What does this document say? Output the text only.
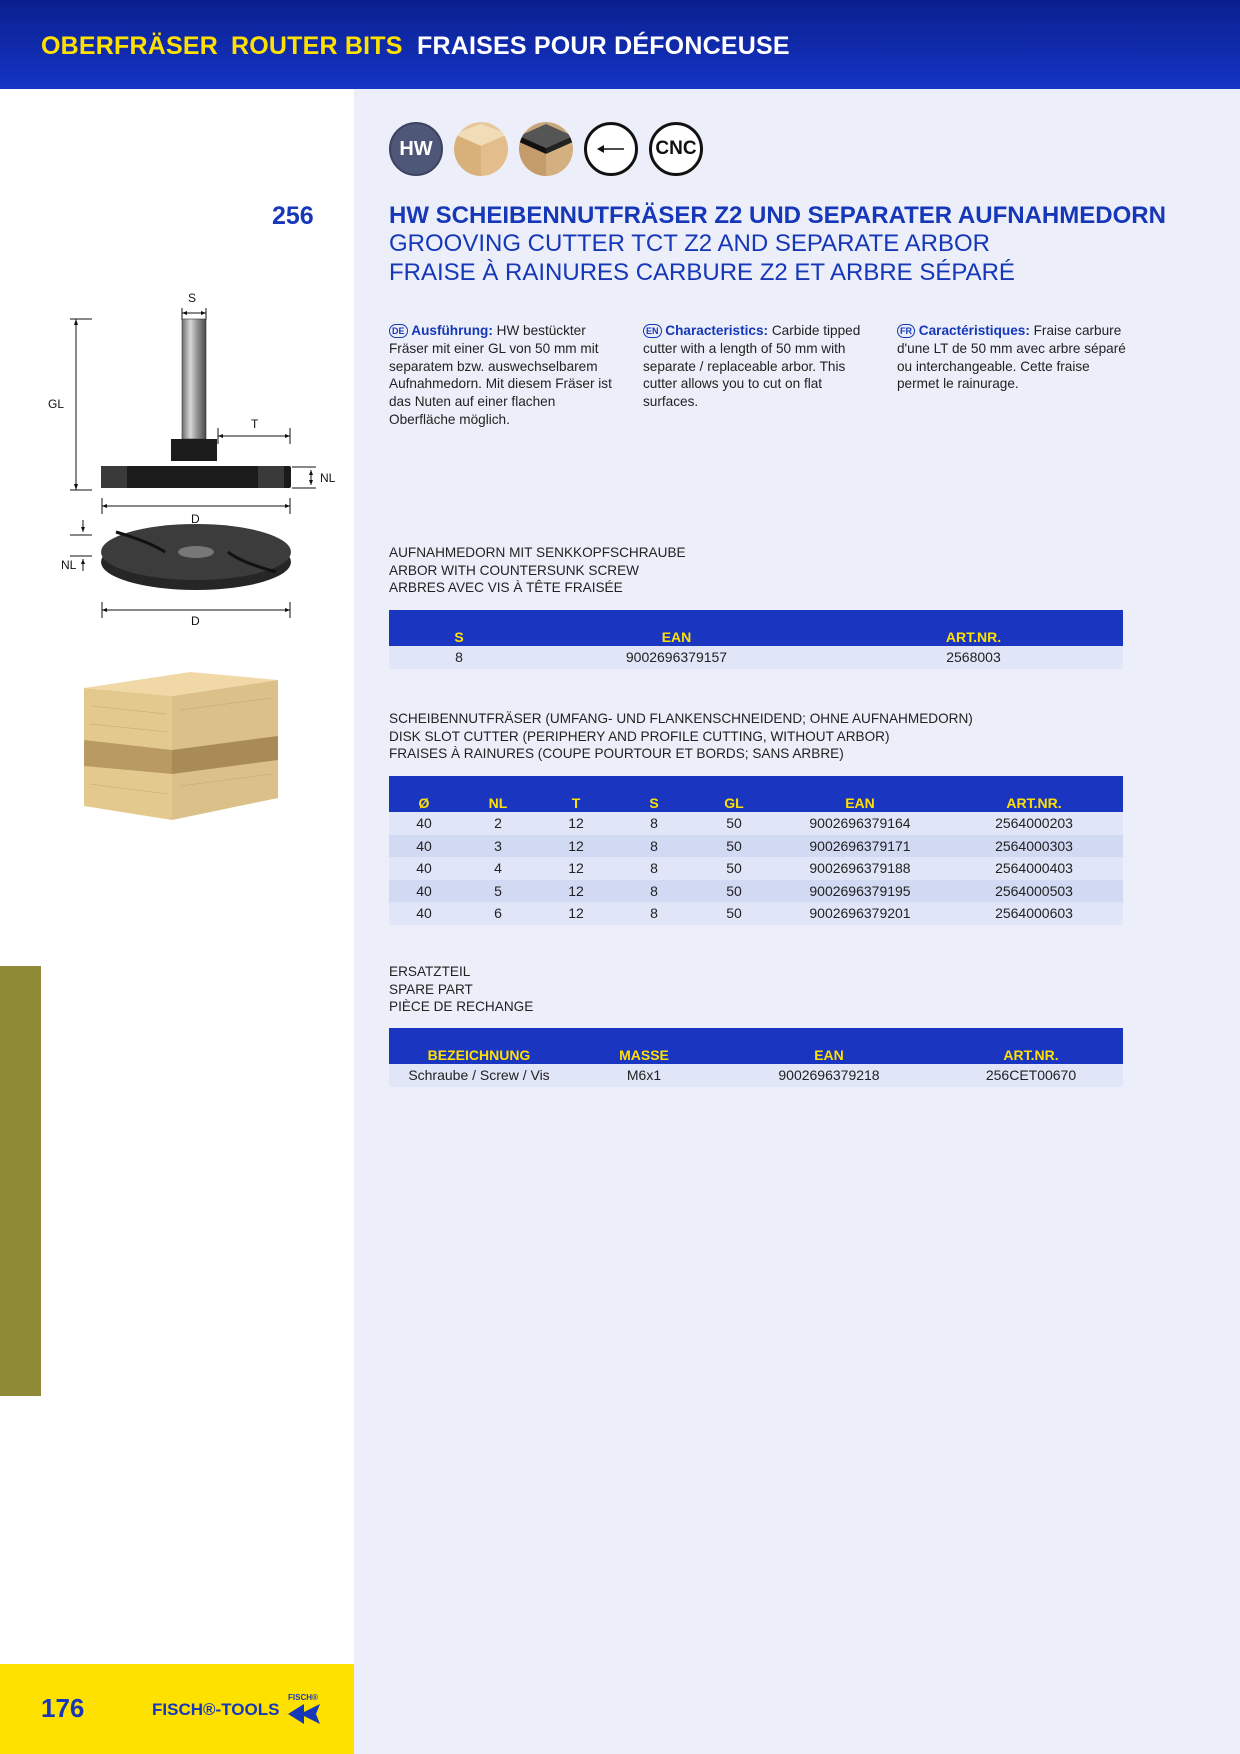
OBERFRÄSER ROUTER BITS FRAISES POUR DÉFONCEUSE
HW	CNC
256	HW SCHEIBENNUTFRÄSER Z2 UND SEPARATER AUFNAHMEDORN
GROOVING CUTTER TCT Z2 AND SEPARATE ARBOR
FRAISE À RAINURES CARBURE Z2 ET ARBRE SÉPARÉ
DE Ausführung: HW bestückter Fräser mit einer GL von 50 mm mit separatem bzw. auswechselbarem Aufnahmedorn. Mit diesem Fräser ist das Nuten auf einer flachen Oberfläche möglich.
EN Characteristics: Carbide tipped cutter with a length of 50 mm with separate / replaceable arbor. This cutter allows you to cut on flat surfaces.
FR Caractéristiques: Fraise carbure d'une LT de 50 mm avec arbre séparé ou interchangeable. Cette fraise permet le rainurage.
S
GL
T
NL
D
NL
D
AUFNAHMEDORN MIT SENKKOPFSCHRAUBE
ARBOR WITH COUNTERSUNK SCREW
ARBRES AVEC VIS À TÊTE FRAISÉE
S	EAN	ART.NR.
8	9002696379157	2568003
SCHEIBENNUTFRÄSER (UMFANG- UND FLANKENSCHNEIDEND; OHNE AUFNAHMEDORN)
DISK SLOT CUTTER (PERIPHERY AND PROFILE CUTTING, WITHOUT ARBOR)
FRAISES À RAINURES (COUPE POURTOUR ET BORDS; SANS ARBRE)
Ø	NL	T	S	GL	EAN	ART.NR.
40	2	12	8	50	9002696379164	2564000203
40	3	12	8	50	9002696379171	2564000303
40	4	12	8	50	9002696379188	2564000403
40	5	12	8	50	9002696379195	2564000503
40	6	12	8	50	9002696379201	2564000603
ERSATZTEIL
SPARE PART
PIÈCE DE RECHANGE
BEZEICHNUNG	MASSE	EAN	ART.NR.
Schraube / Screw / Vis	M6x1	9002696379218	256CET00670
176	FISCH®-TOOLS
FISCH®
